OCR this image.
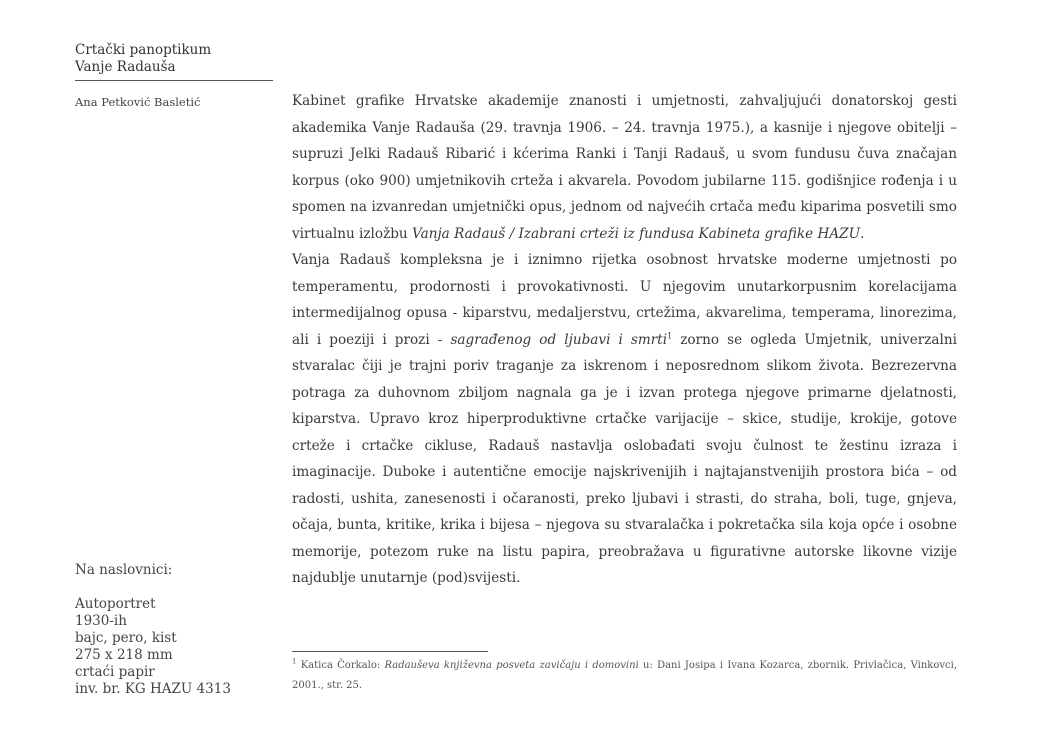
Crtački panoptikum
Vanje Radauša
Ana Petković Basletić
Na naslovnici:
Autoportret
1930-ih
bajc, pero, kist
275 x 218 mm
crtaći papir
inv. br. KG HAZU 4313

Kabinet grafike Hrvatske akademije znanosti i umjetnosti, zahvaljujući donatorskoj gesti akademika Vanje Radauša (29. travnja 1906. – 24. travnja 1975.), a kasnije i njegove obitelji – supruzi Jelki Radauš Ribarić i kćerima Ranki i Tanji Radauš, u svom fundusu čuva značajan korpus (oko 900) umjetnikovih crteža i akvarela. Povodom jubilarne 115. godišnjice rođenja i u spomen na izvanredan umjetnički opus, jednom od najvećih crtača među kiparima posvetili smo virtualnu izložbu Vanja Radauš / Izabrani crteži iz fundusa Kabineta grafike HAZU.

Vanja Radauš kompleksna je i iznimno rijetka osobnost hrvatske moderne umjetnosti po temperamentu, prodornosti i provokativnosti. U njegovim unutarkorpusnim korelacijama intermedijalnog opusa - kiparstvu, medaljerstvu, crtežima, akvarelima, temperama, linorezima, ali i poeziji i prozi - sagrađenog od ljubavi i smrti$^1$ zorno se ogleda Umjetnik, univerzalni stvaralac čiji je trajni poriv traganje za iskrenom i neposrednom slikom života. Bezrezervna potraga za duhovnom zbiljom nagnala ga je i izvan protega njegove primarne djelatnosti, kiparstva. Upravo kroz hiperproduktivne crtačke varijacije – skice, studije, krokije, gotove crteže i crtačke cikluse, Radauš nastavlja oslobađati svoju čulnost te žestinu izraza i imaginacije. Duboke i autentične emocije najskrivenijih i najtajanstvenijih prostora bića – od radosti, ushita, zanesenosti i očaranosti, preko ljubavi i strasti, do straha, boli, tuge, gnjeva, očaja, bunta, kritike, krika i bijesa – njegova su stvaralačka i pokretačka sila koja opće i osobne memorije, potezom ruke na listu papira, preobražava u figurativne autorske likovne vizije najdublje unutarnje (pod)svijesti.

$^1$ Katica Čorkalo: Radauševa književna posveta zavičaju i domovini u: Dani Josipa i Ivana Kozarca, zbornik. Privlačica, Vinkovci, 2001., str. 25.
